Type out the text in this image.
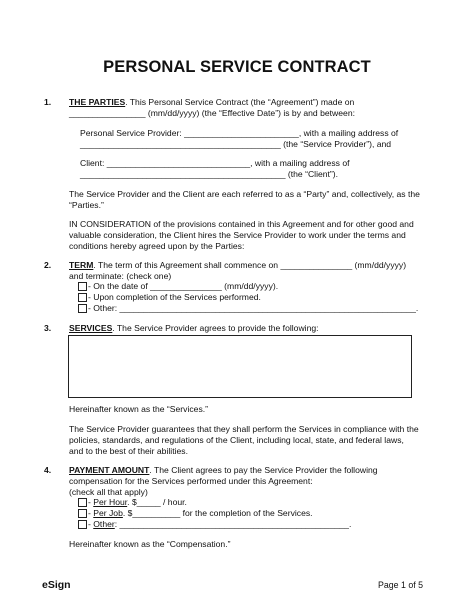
PERSONAL SERVICE CONTRACT
1. THE PARTIES. This Personal Service Contract (the “Agreement”) made on
________________ (mm/dd/yyyy) (the “Effective Date”) is by and between:
Personal Service Provider: ________________________, with a mailing address of
__________________________________________ (the “Service Provider”), and
Client: ______________________________, with a mailing address of
___________________________________________ (the “Client”).
The Service Provider and the Client are each referred to as a “Party” and, collectively, as the
“Parties.”
IN CONSIDERATION of the provisions contained in this Agreement and for other good and
valuable consideration, the Client hires the Service Provider to work under the terms and
conditions hereby agreed upon by the Parties:
2. TERM. The term of this Agreement shall commence on _______________ (mm/dd/yyyy)
and terminate: (check one)
- On the date of _______________ (mm/dd/yyyy).
- Upon completion of the Services performed.
- Other: ______________________________________________________________.
3. SERVICES. The Service Provider agrees to provide the following:
Hereinafter known as the “Services.”
The Service Provider guarantees that they shall perform the Services in compliance with the
policies, standards, and regulations of the Client, including local, state, and federal laws,
and to the best of their abilities.
4. PAYMENT AMOUNT. The Client agrees to pay the Service Provider the following
compensation for the Services performed under this Agreement:
(check all that apply)
- Per Hour. $_____ / hour.
- Per Job. $__________ for the completion of the Services.
- Other: ________________________________________________.
Hereinafter known as the “Compensation.”
eSign	Page 1 of 5
